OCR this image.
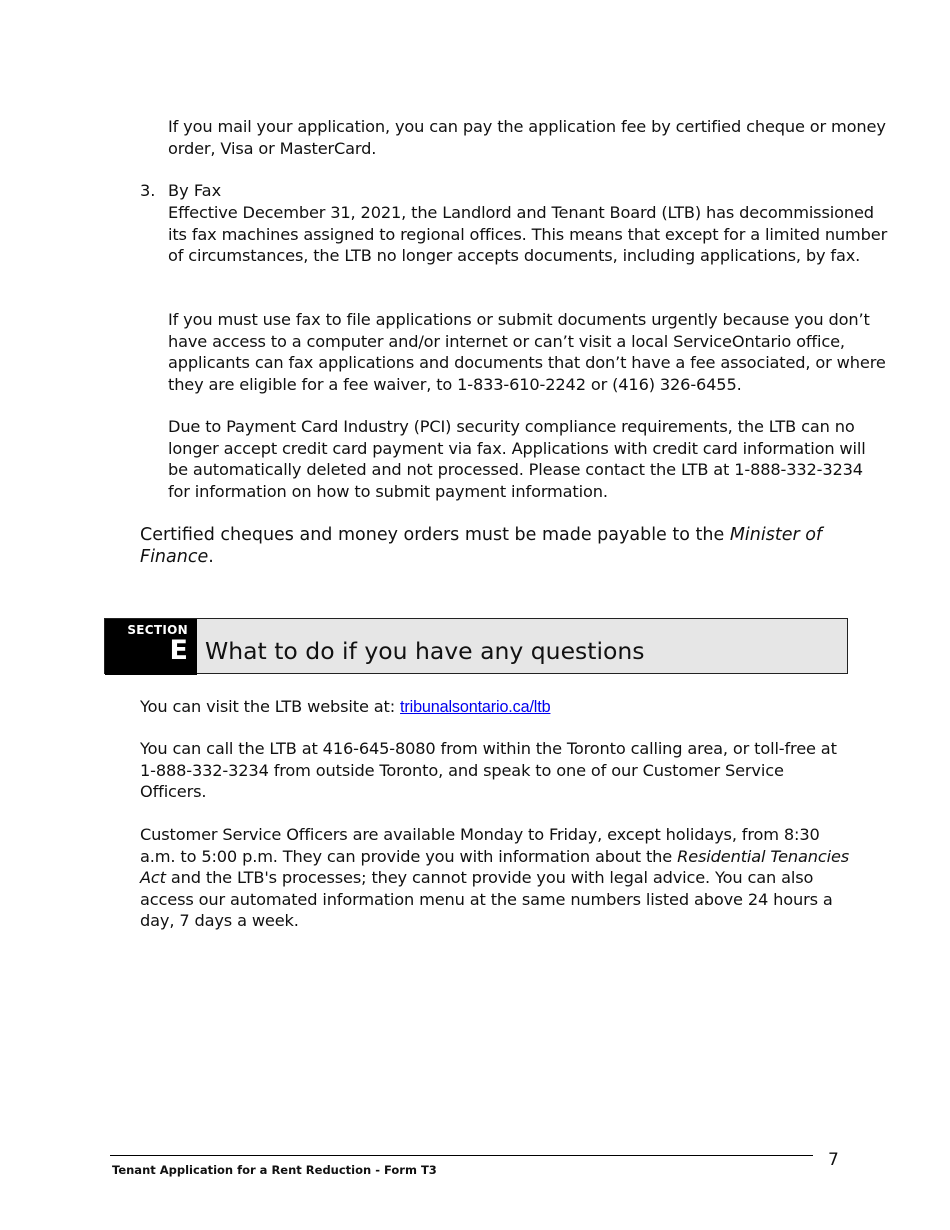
If you mail your application, you can pay the application fee by certified cheque or money order, Visa or MasterCard.

3. By Fax

Effective December 31, 2021, the Landlord and Tenant Board (LTB) has decommissioned its fax machines assigned to regional offices. This means that except for a limited number of circumstances, the LTB no longer accepts documents, including applications, by fax.

If you must use fax to file applications or submit documents urgently because you don’t have access to a computer and/or internet or can’t visit a local ServiceOntario office, applicants can fax applications and documents that don’t have a fee associated, or where they are eligible for a fee waiver, to 1-833-610-2242 or (416) 326-6455.

Due to Payment Card Industry (PCI) security compliance requirements, the LTB can no longer accept credit card payment via fax. Applications with credit card information will be automatically deleted and not processed. Please contact the LTB at 1-888-332-3234 for information on how to submit payment information.

Certified cheques and money orders must be made payable to the Minister of Finance.

SECTION
E What to do if you have any questions

You can visit the LTB website at: tribunalsontario.ca/ltb

You can call the LTB at 416-645-8080 from within the Toronto calling area, or toll-free at 1-888-332-3234 from outside Toronto, and speak to one of our Customer Service Officers.

Customer Service Officers are available Monday to Friday, except holidays, from 8:30 a.m. to 5:00 p.m. They can provide you with information about the Residential Tenancies Act and the LTB's processes; they cannot provide you with legal advice. You can also access our automated information menu at the same numbers listed above 24 hours a day, 7 days a week.

Tenant Application for a Rent Reduction - Form T3	7
